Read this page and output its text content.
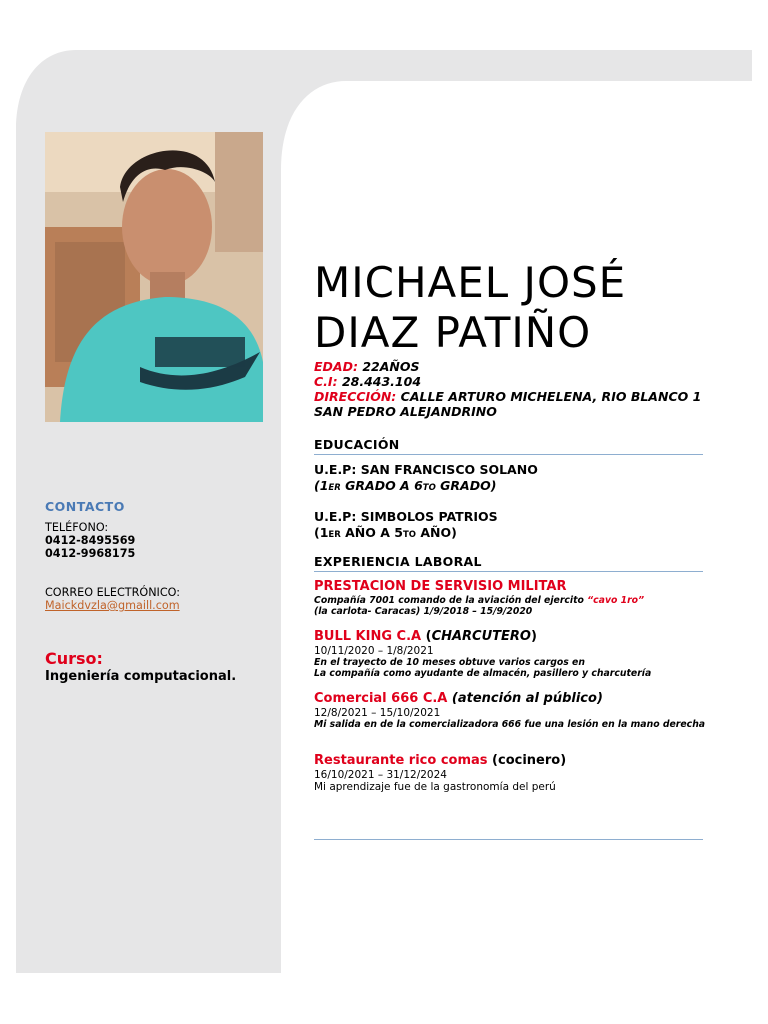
MICHAEL JOSÉ
DIAZ PATIÑO
EDAD: 22AÑOS
C.I: 28.443.104
DIRECCIÓN: CALLE ARTURO MICHELENA, RIO BLANCO 1 SAN PEDRO ALEJANDRINO
EDUCACIÓN
U.E.P: SAN FRANCISCO SOLANO
(1ER GRADO A 6TO GRADO)
U.E.P: SIMBOLOS PATRIOS
(1ER AÑO A 5TO AÑO)
EXPERIENCIA LABORAL
PRESTACION DE SERVISIO MILITAR
Compañía 7001 comando de la aviación del ejercito “cavo 1ro”
(la carlota- Caracas) 1/9/2018 – 15/9/2020
BULL KING C.A (CHARCUTERO)
10/11/2020 – 1/8/2021
En el trayecto de 10 meses obtuve varios cargos en
La compañía como ayudante de almacén, pasillero y charcutería
Comercial 666 C.A (atención al público)
12/8/2021 – 15/10/2021
Mi salida en de la comercializadora 666 fue una lesión en la mano derecha
Restaurante rico comas (cocinero)
16/10/2021 – 31/12/2024
Mi aprendizaje fue de la gastronomía del perú
CONTACTO
TELÉFONO:
0412-8495569
0412-9968175
CORREO ELECTRÓNICO:
Maickdvzla@gmaill.com
Curso:
Ingeniería computacional.
